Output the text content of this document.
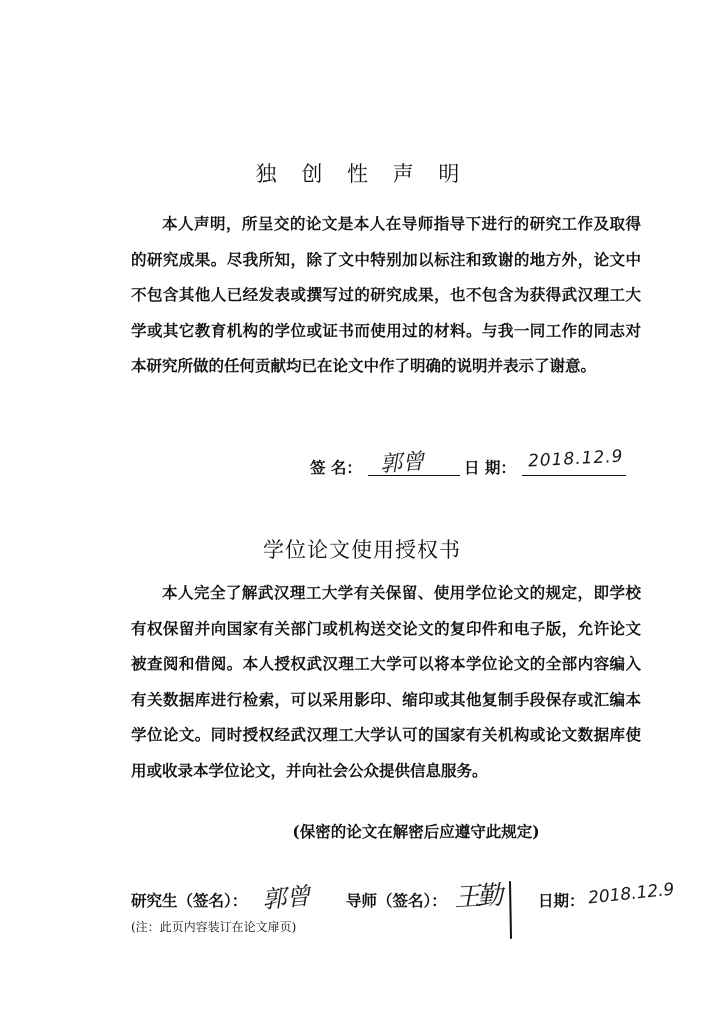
独 创 性 声 明

本人声明，所呈交的论文是本人在导师指导下进行的研究工作及取得的研究成果。尽我所知，除了文中特别加以标注和致谢的地方外，论文中不包含其他人已经发表或撰写过的研究成果，也不包含为获得武汉理工大学或其它教育机构的学位或证书而使用过的材料。与我一同工作的同志对本研究所做的任何贡献均已在论文中作了明确的说明并表示了谢意。

签 名： 郭曾	日 期： 2018.12.9
学位论文使用授权书

本人完全了解武汉理工大学有关保留、使用学位论文的规定，即学校有权保留并向国家有关部门或机构送交论文的复印件和电子版，允许论文被查阅和借阅。本人授权武汉理工大学可以将本学位论文的全部内容编入有关数据库进行检索，可以采用影印、缩印或其他复制手段保存或汇编本学位论文。同时授权经武汉理工大学认可的国家有关机构或论文数据库使用或收录本学位论文，并向社会公众提供信息服务。

(保密的论文在解密后应遵守此规定)
研究生（签名）： 郭曾 导师（签名）： 王勤 日期： 2018.12.9
(注：此页内容装订在论文扉页)
